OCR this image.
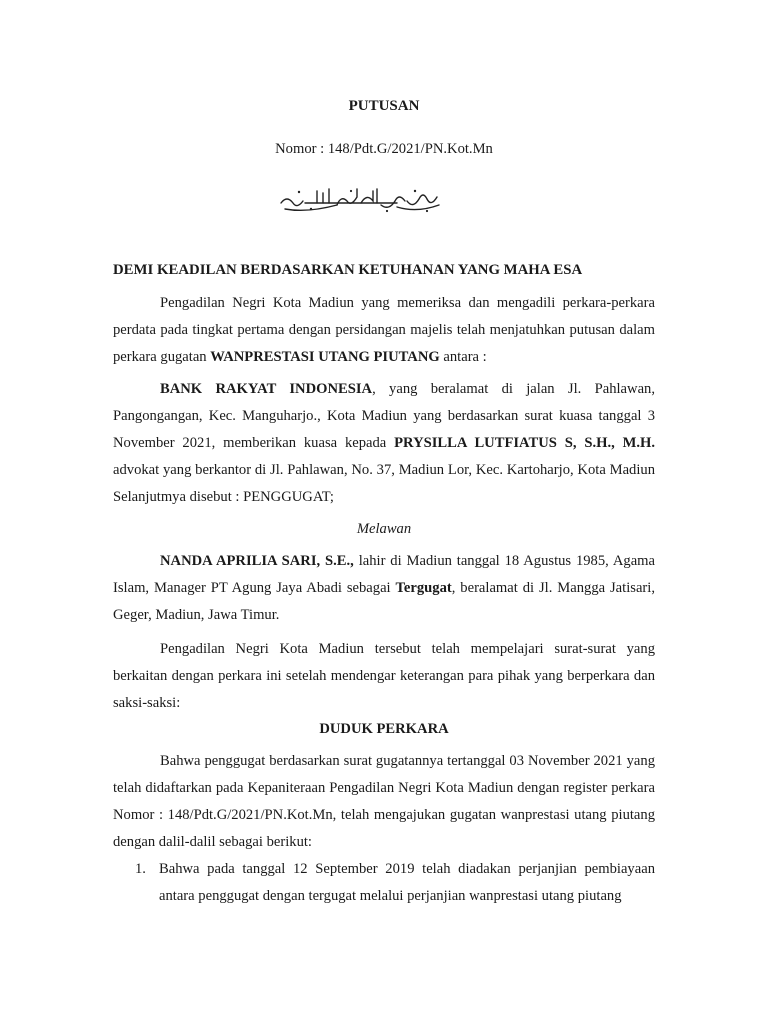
PUTUSAN
Nomor : 148/Pdt.G/2021/PN.Kot.Mn
DEMI KEADILAN BERDASARKAN KETUHANAN YANG MAHA ESA

Pengadilan Negri Kota Madiun yang memeriksa dan mengadili perkara-perkara perdata pada tingkat pertama dengan persidangan majelis telah menjatuhkan putusan dalam perkara gugatan WANPRESTASI UTANG PIUTANG antara :

BANK RAKYAT INDONESIA, yang beralamat di jalan Jl. Pahlawan, Pangongangan, Kec. Manguharjo., Kota Madiun yang berdasarkan surat kuasa tanggal 3 November 2021, memberikan kuasa kepada PRYSILLA LUTFIATUS S, S.H., M.H. advokat yang berkantor di Jl. Pahlawan, No. 37, Madiun Lor, Kec. Kartoharjo, Kota Madiun Selanjutmya disebut : PENGGUGAT;

Melawan

NANDA APRILIA SARI, S.E., lahir di Madiun tanggal 18 Agustus 1985, Agama Islam, Manager PT Agung Jaya Abadi sebagai Tergugat, beralamat di Jl. Mangga Jatisari, Geger, Madiun, Jawa Timur.

Pengadilan Negri Kota Madiun tersebut telah mempelajari surat-surat yang berkaitan dengan perkara ini setelah mendengar keterangan para pihak yang berperkara dan saksi-saksi:

DUDUK PERKARA

Bahwa penggugat berdasarkan surat gugatannya tertanggal 03 November 2021 yang telah didaftarkan pada Kepaniteraan Pengadilan Negri Kota Madiun dengan register perkara Nomor : 148/Pdt.G/2021/PN.Kot.Mn, telah mengajukan gugatan wanprestasi utang piutang dengan dalil-dalil sebagai berikut:

1. Bahwa pada tanggal 12 September 2019 telah diadakan perjanjian pembiayaan antara penggugat dengan tergugat melalui perjanjian wanprestasi utang piutang
